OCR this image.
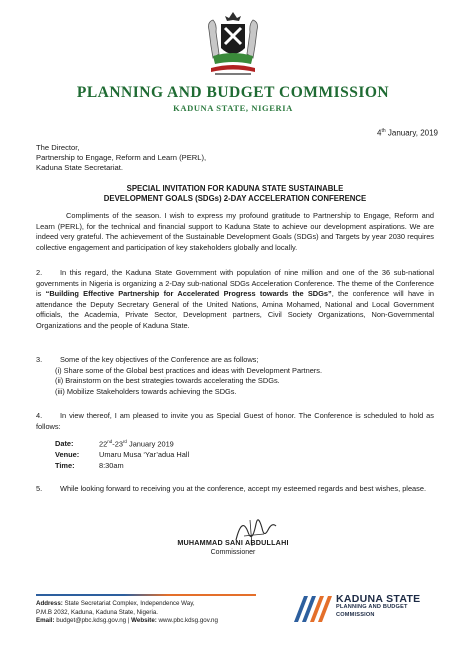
PLANNING AND BUDGET COMMISSION
KADUNA STATE, NIGERIA
4th January, 2019
The Director,
Partnership to Engage, Reform and Learn (PERL),
Kaduna State Secretariat.
SPECIAL INVITATION FOR KADUNA STATE SUSTAINABLE
DEVELOPMENT GOALS (SDGs) 2-DAY ACCELERATION CONFERENCE
Compliments of the season. I wish to express my profound gratitude to Partnership to Engage, Reform and Learn (PERL), for the technical and financial support to Kaduna State to achieve our development aspirations. We are indeed very grateful. The achievement of the Sustainable Development Goals (SDGs) and Targets by year 2030 requires collective engagement and participation of key stakeholders globally and locally.
2. In this regard, the Kaduna State Government with population of nine million and one of the 36 sub-national governments in Nigeria is organizing a 2-Day sub-national SDGs Acceleration Conference. The theme of the Conference is “Building Effective Partnership for Accelerated Progress towards the SDGs”, the conference will have in attendance the Deputy Secretary General of the United Nations, Amina Mohamed, National and Local Government officials, the Academia, Private Sector, Development partners, Civil Society Organizations, Non-Governmental Organizations and the people of Kaduna State.
3. Some of the key objectives of the Conference are as follows;
(i) Share some of the Global best practices and ideas with Development Partners.
(ii) Brainstorm on the best strategies towards accelerating the SDGs.
(iii) Mobilize Stakeholders towards achieving the SDGs.
4. In view thereof, I am pleased to invite you as Special Guest of honor. The Conference is scheduled to hold as follows:
Date:	22nd-23rd January 2019
Venue:	Umaru Musa ‘Yar’adua Hall
Time:	8:30am
5. While looking forward to receiving you at the conference, accept my esteemed regards and best wishes, please.
MUHAMMAD SANI ABDULLAHI
Commissioner
Address: State Secretariat Complex, Independence Way,
P.M.B 2032, Kaduna, Kaduna State, Nigeria.
Email: budget@pbc.kdsg.gov.ng | Website: www.pbc.kdsg.gov.ng
KADUNA STATE
PLANNING AND BUDGET
COMMISSION
